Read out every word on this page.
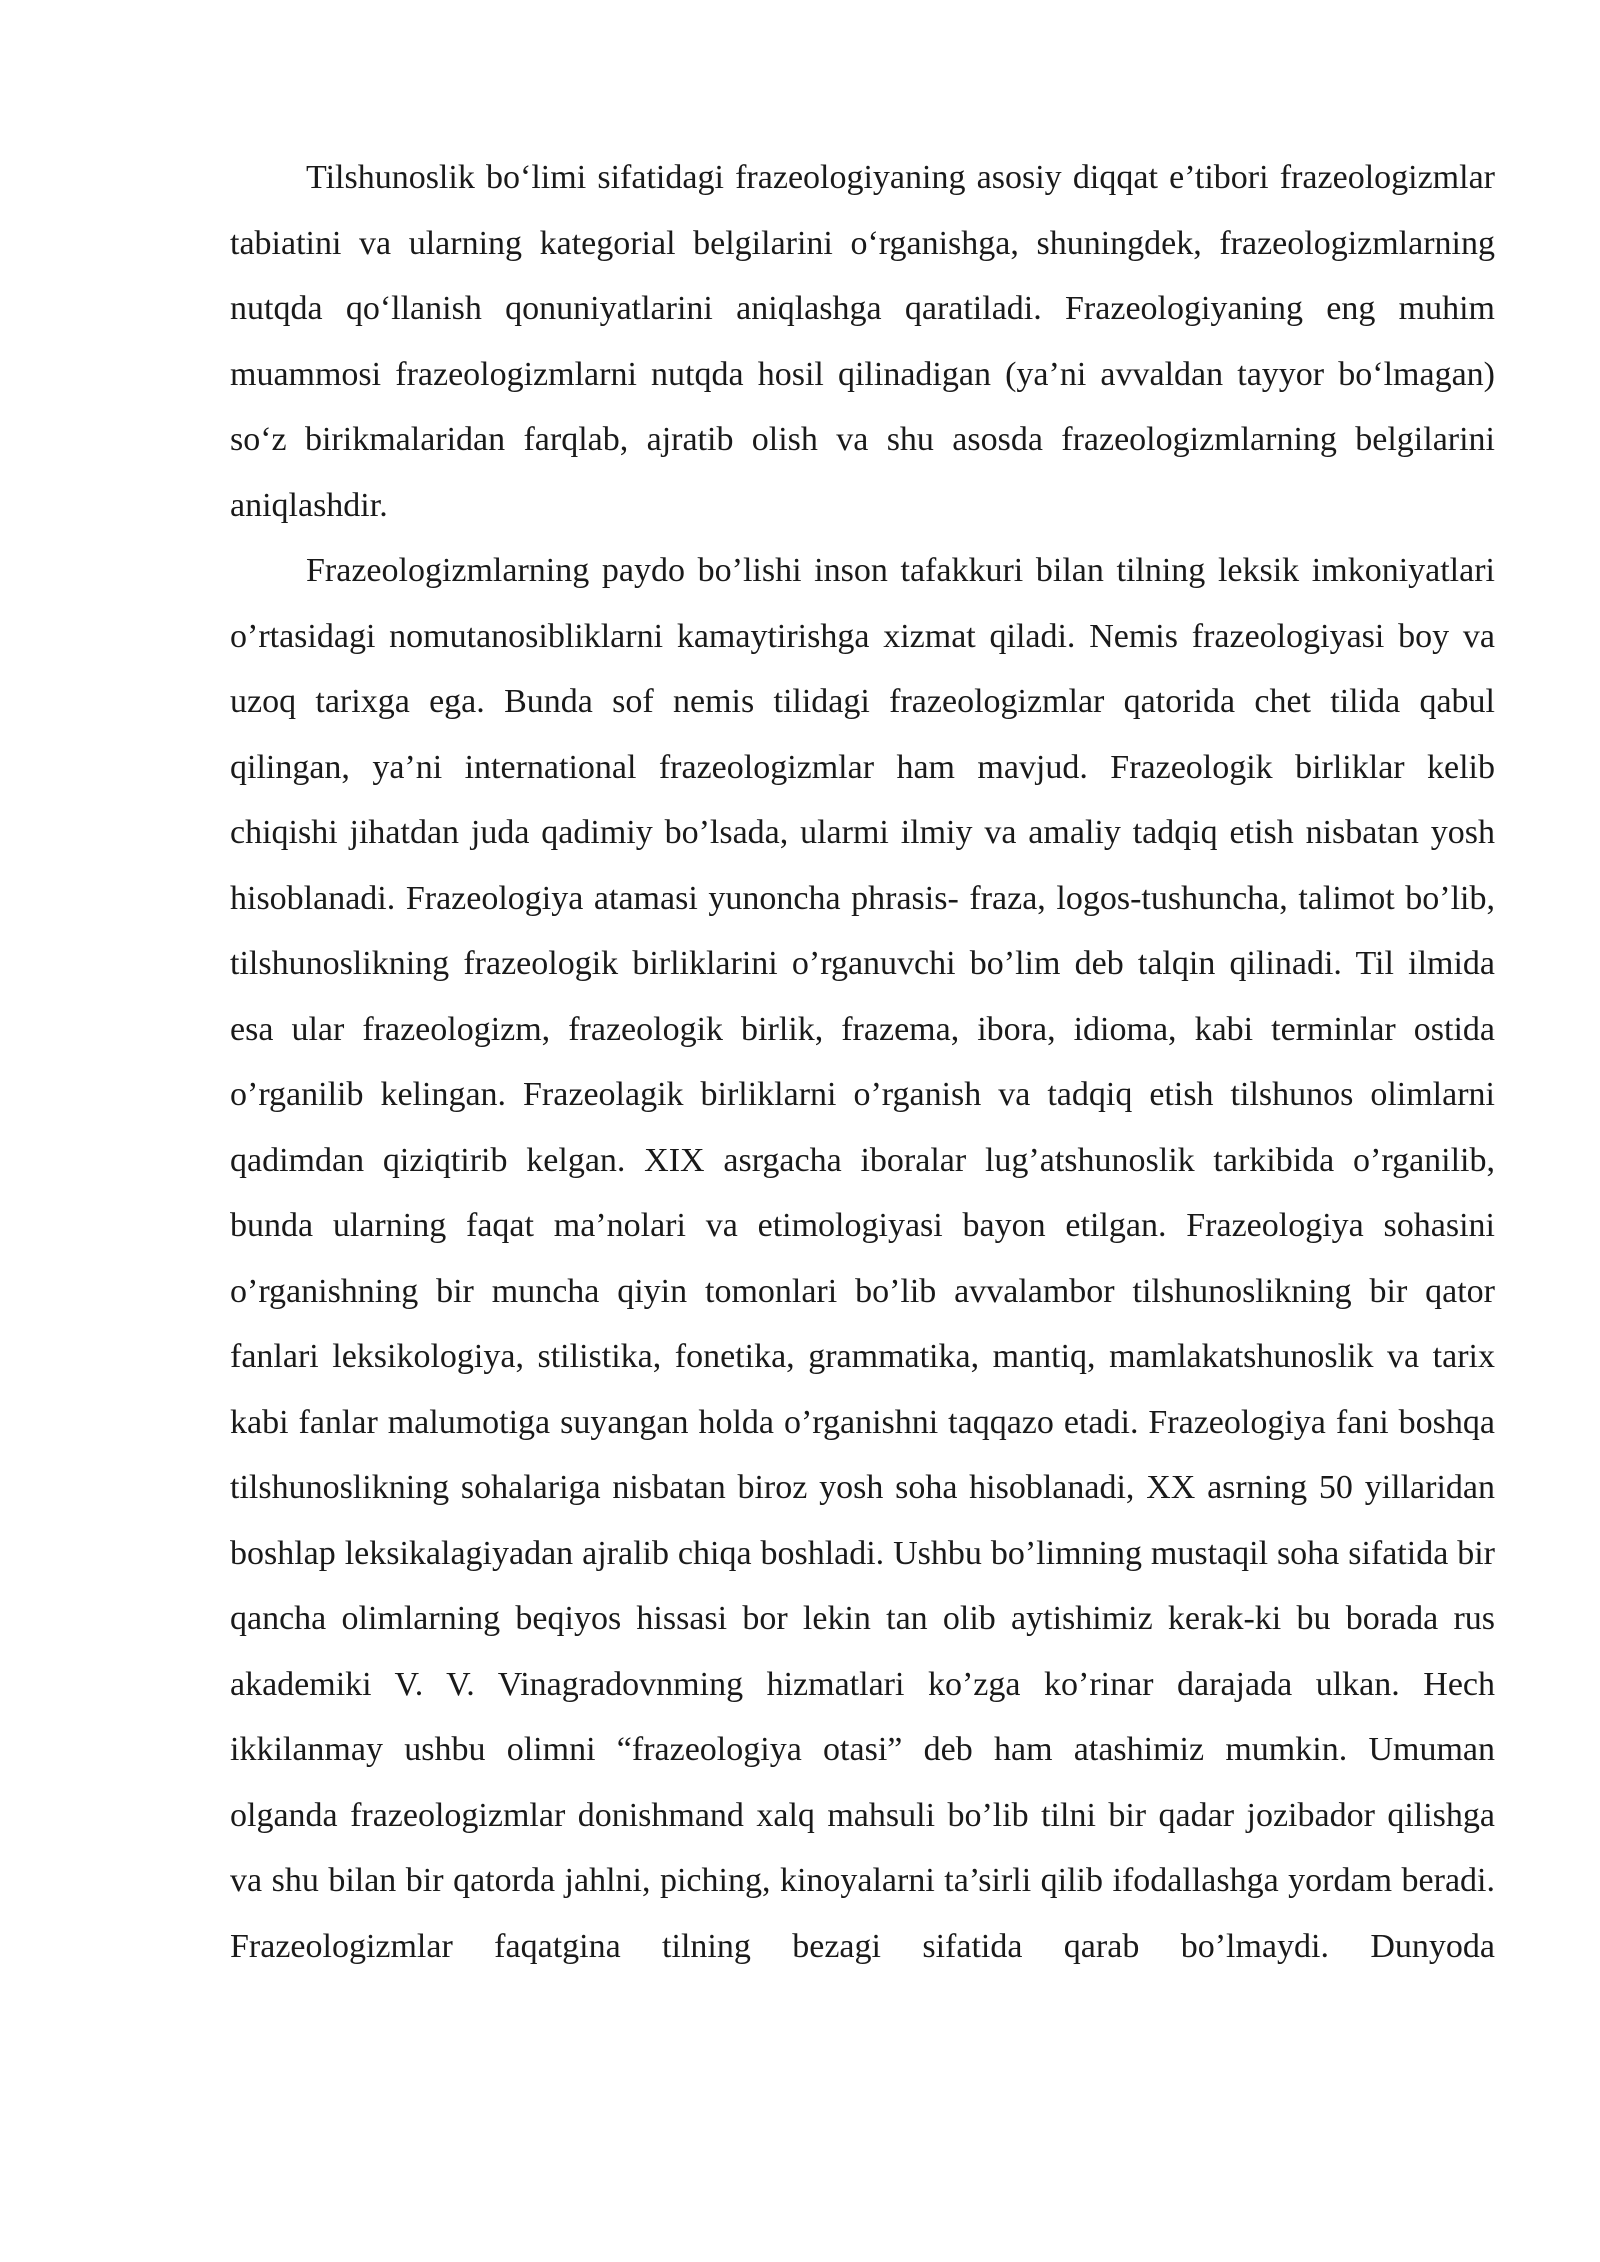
Tilshunoslik bo‘limi sifatidagi frazeologiyaning asosiy diqqat e’tibori frazeologizmlar tabiatini va ularning kategorial belgilarini o‘rganishga, shuningdek, frazeologizmlarning nutqda qo‘llanish qonuniyatlarini aniqlashga qaratiladi. Frazeologiyaning eng muhim muammosi frazeologizmlarni nutqda hosil qilinadigan (ya’ni avvaldan tayyor bo‘lmagan) so‘z birikmalaridan farqlab, ajratib olish va shu asosda frazeologizmlarning belgilarini aniqlashdir.

Frazeologizmlarning paydo bo’lishi inson tafakkuri bilan tilning leksik imkoniyatlari o’rtasidagi nomutanosibliklarni kamaytirishga xizmat qiladi. Nemis frazeologiyasi boy va uzoq tarixga ega. Bunda sof nemis tilidagi frazeologizmlar qatorida chet tilida qabul qilingan, ya’ni international frazeologizmlar ham mavjud. Frazeologik birliklar kelib chiqishi jihatdan juda qadimiy bo’lsada, ularmi ilmiy va amaliy tadqiq etish nisbatan yosh hisoblanadi. Frazeologiya atamasi yunoncha phrasis- fraza, logos-tushuncha, talimot bo’lib, tilshunoslikning frazeologik birliklarini o’rganuvchi bo’lim deb talqin qilinadi. Til ilmida esa ular frazeologizm, frazeologik birlik, frazema, ibora, idioma, kabi terminlar ostida o’rganilib kelingan. Frazeolagik birliklarni o’rganish va tadqiq etish tilshunos olimlarni qadimdan qiziqtirib kelgan. XIX asrgacha iboralar lug’atshunoslik tarkibida o’rganilib, bunda ularning faqat ma’nolari va etimologiyasi bayon etilgan. Frazeologiya sohasini o’rganishning bir muncha qiyin tomonlari bo’lib avvalambor tilshunoslikning bir qator fanlari leksikologiya, stilistika, fonetika, grammatika, mantiq, mamlakatshunoslik va tarix kabi fanlar malumotiga suyangan holda o’rganishni taqqazo etadi. Frazeologiya fani boshqa tilshunoslikning sohalariga nisbatan biroz yosh soha hisoblanadi, XX asrning 50 yillaridan boshlap leksikalagiyadan ajralib chiqa boshladi. Ushbu bo’limning mustaqil soha sifatida bir qancha olimlarning beqiyos hissasi bor lekin tan olib aytishimiz kerak-ki bu borada rus akademiki V. V. Vinagradovnming hizmatlari ko’zga ko’rinar darajada ulkan. Hech ikkilanmay ushbu olimni “frazeologiya otasi” deb ham atashimiz mumkin. Umuman olganda frazeologizmlar donishmand xalq mahsuli bo’lib tilni bir qadar jozibador qilishga va shu bilan bir qatorda jahlni, piching, kinoyalarni ta’sirli qilib ifodallashga yordam beradi. Frazeologizmlar faqatgina tilning bezagi sifatida qarab bo’lmaydi. Dunyoda
